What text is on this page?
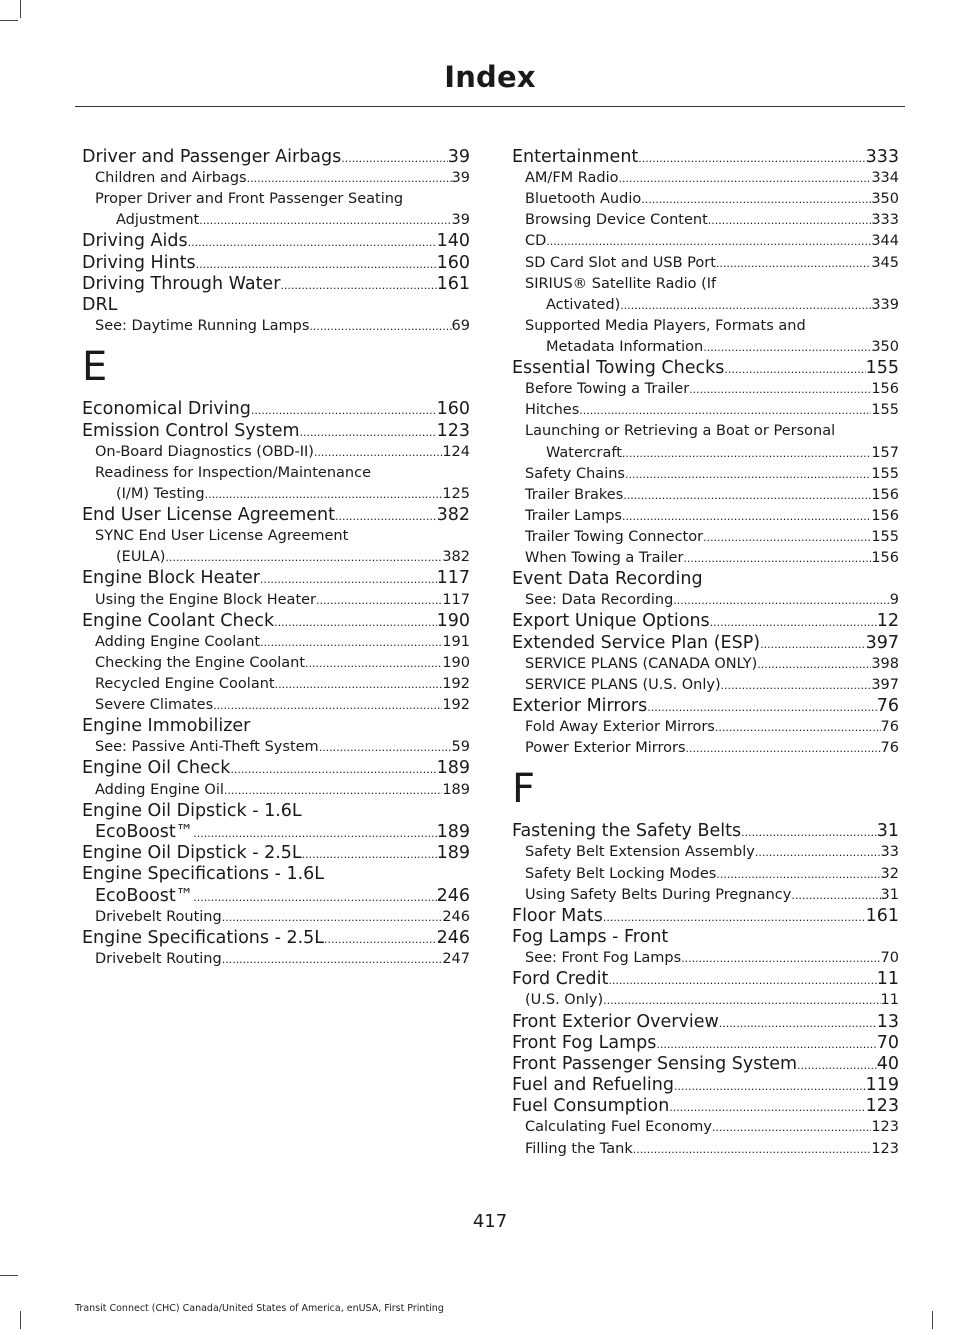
Index
Driver and Passenger Airbags .....	39
Children and Airbags .....	39
Proper Driver and Front Passenger Seating
Adjustment .....	39
Driving Aids .....	140
Driving Hints .....	160
Driving Through Water .....	161
DRL
See: Daytime Running Lamps .....	69
E
Economical Driving .....	160
Emission Control System .....	123
On-Board Diagnostics (OBD-II) .....	124
Readiness for Inspection/Maintenance
(I/M) Testing .....	125
End User License Agreement .....	382
SYNC End User License Agreement
(EULA) .....	382
Engine Block Heater .....	117
Using the Engine Block Heater .....	117
Engine Coolant Check .....	190
Adding Engine Coolant .....	191
Checking the Engine Coolant .....	190
Recycled Engine Coolant .....	192
Severe Climates .....	192
Engine Immobilizer
See: Passive Anti-Theft System .....	59
Engine Oil Check .....	189
Adding Engine Oil .....	189
Engine Oil Dipstick - 1.6L
EcoBoost™ .....	189
Engine Oil Dipstick - 2.5L .....	189
Engine Specifications - 1.6L
EcoBoost™ .....	246
Drivebelt Routing .....	246
Engine Specifications - 2.5L .....	246
Drivebelt Routing .....	247
Entertainment .....	333
AM/FM Radio .....	334
Bluetooth Audio .....	350
Browsing Device Content .....	333
CD .....	344
SD Card Slot and USB Port .....	345
SIRIUS® Satellite Radio (If
Activated) .....	339
Supported Media Players, Formats and
Metadata Information .....	350
Essential Towing Checks .....	155
Before Towing a Trailer .....	156
Hitches .....	155
Launching or Retrieving a Boat or Personal
Watercraft .....	157
Safety Chains .....	155
Trailer Brakes .....	156
Trailer Lamps .....	156
Trailer Towing Connector .....	155
When Towing a Trailer .....	156
Event Data Recording
See: Data Recording .....	9
Export Unique Options .....	12
Extended Service Plan (ESP) .....	397
SERVICE PLANS (CANADA ONLY) .....	398
SERVICE PLANS (U.S. Only) .....	397
Exterior Mirrors .....	76
Fold Away Exterior Mirrors .....	76
Power Exterior Mirrors .....	76
F
Fastening the Safety Belts .....	31
Safety Belt Extension Assembly .....	33
Safety Belt Locking Modes .....	32
Using Safety Belts During Pregnancy .....	31
Floor Mats .....	161
Fog Lamps - Front
See: Front Fog Lamps .....	70
Ford Credit .....	11
(U.S. Only) .....	11
Front Exterior Overview .....	13
Front Fog Lamps .....	70
Front Passenger Sensing System .....	40
Fuel and Refueling .....	119
Fuel Consumption .....	123
Calculating Fuel Economy .....	123
Filling the Tank .....	123
417
Transit Connect (CHC) Canada/United States of America, enUSA, First Printing
